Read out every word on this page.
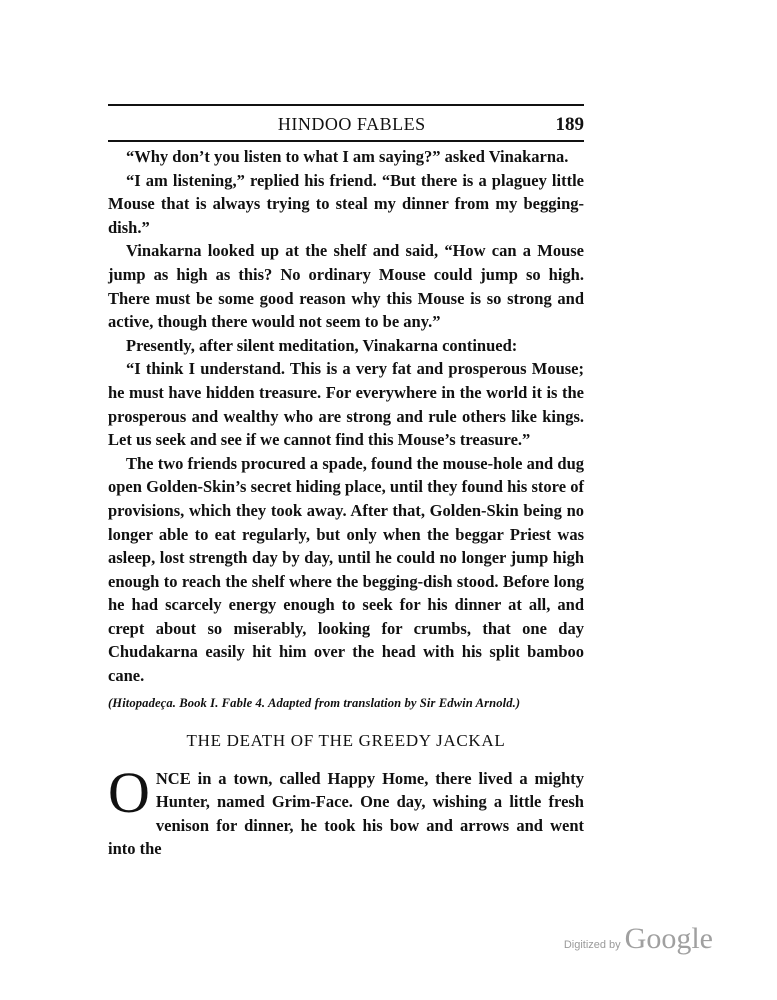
HINDOO FABLES	189

“Why don’t you listen to what I am saying?” asked Vinakarna.

“I am listening,” replied his friend. “But there is a plaguey little Mouse that is always trying to steal my dinner from my begging-dish.”

Vinakarna looked up at the shelf and said, “How can a Mouse jump as high as this? No ordinary Mouse could jump so high. There must be some good reason why this Mouse is so strong and active, though there would not seem to be any.”

Presently, after silent meditation, Vinakarna continued:

“I think I understand. This is a very fat and prosperous Mouse; he must have hidden treasure. For everywhere in the world it is the prosperous and wealthy who are strong and rule others like kings. Let us seek and see if we cannot find this Mouse’s treasure.”

The two friends procured a spade, found the mouse-hole and dug open Golden-Skin’s secret hiding place, until they found his store of provisions, which they took away. After that, Golden-Skin being no longer able to eat regularly, but only when the beggar Priest was asleep, lost strength day by day, until he could no longer jump high enough to reach the shelf where the begging-dish stood. Before long he had scarcely energy enough to seek for his dinner at all, and crept about so miserably, looking for crumbs, that one day Chudakarna easily hit him over the head with his split bamboo cane.

(Hitopadeça. Book I. Fable 4. Adapted from translation by Sir Edwin Arnold.)
THE DEATH OF THE GREEDY JACKAL
ONCE in a town, called Happy Home, there lived a mighty Hunter, named Grim-Face. One day, wishing a little fresh venison for dinner, he took his bow and arrows and went into the
Digitized by Google
